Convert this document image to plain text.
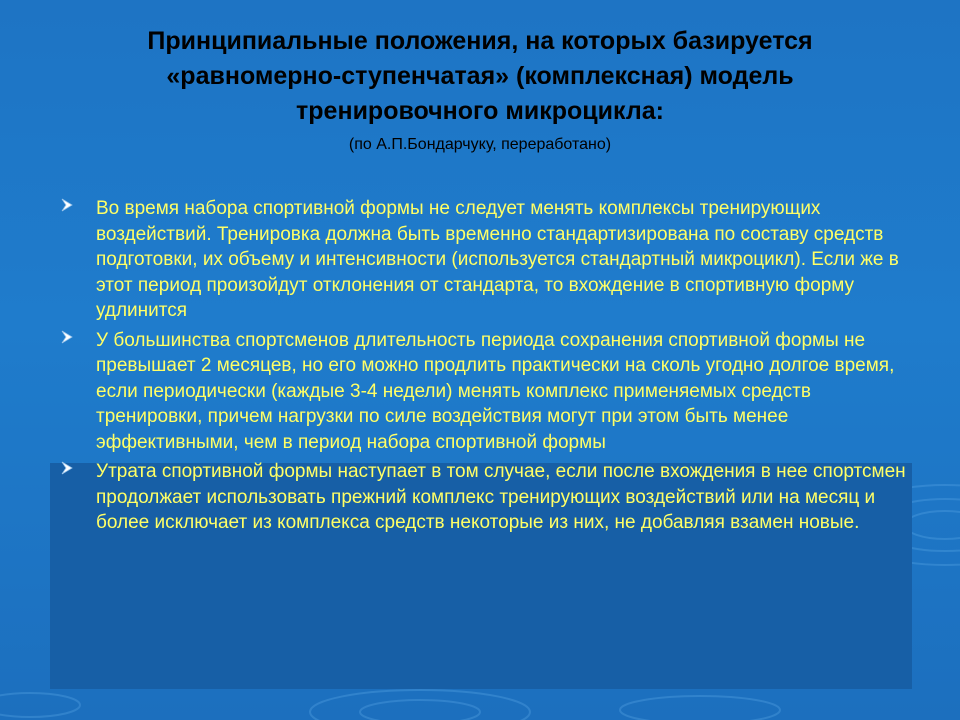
Принципиальные положения, на которых базируется «равномерно-ступенчатая» (комплексная) модель тренировочного микроцикла:

(по А.П.Бондарчуку, переработано)

Во время набора спортивной формы не следует менять комплексы тренирующих воздействий. Тренировка должна быть временно стандартизирована по составу средств подготовки, их объему и интенсивности (используется стандартный микроцикл). Если же в этот период произойдут отклонения от стандарта, то вхождение в спортивную форму удлинится
У большинства спортсменов длительность периода сохранения спортивной формы не превышает 2 месяцев, но его можно продлить практически на сколь угодно долгое время, если периодически (каждые 3-4 недели) менять комплекс применяемых средств тренировки, причем нагрузки по силе воздействия могут при этом быть менее эффективными, чем в период набора спортивной формы
Утрата спортивной формы наступает в том случае, если после вхождения в нее спортсмен продолжает использовать прежний комплекс тренирующих воздействий или на месяц и более исключает из комплекса средств некоторые из них, не добавляя взамен новые.
